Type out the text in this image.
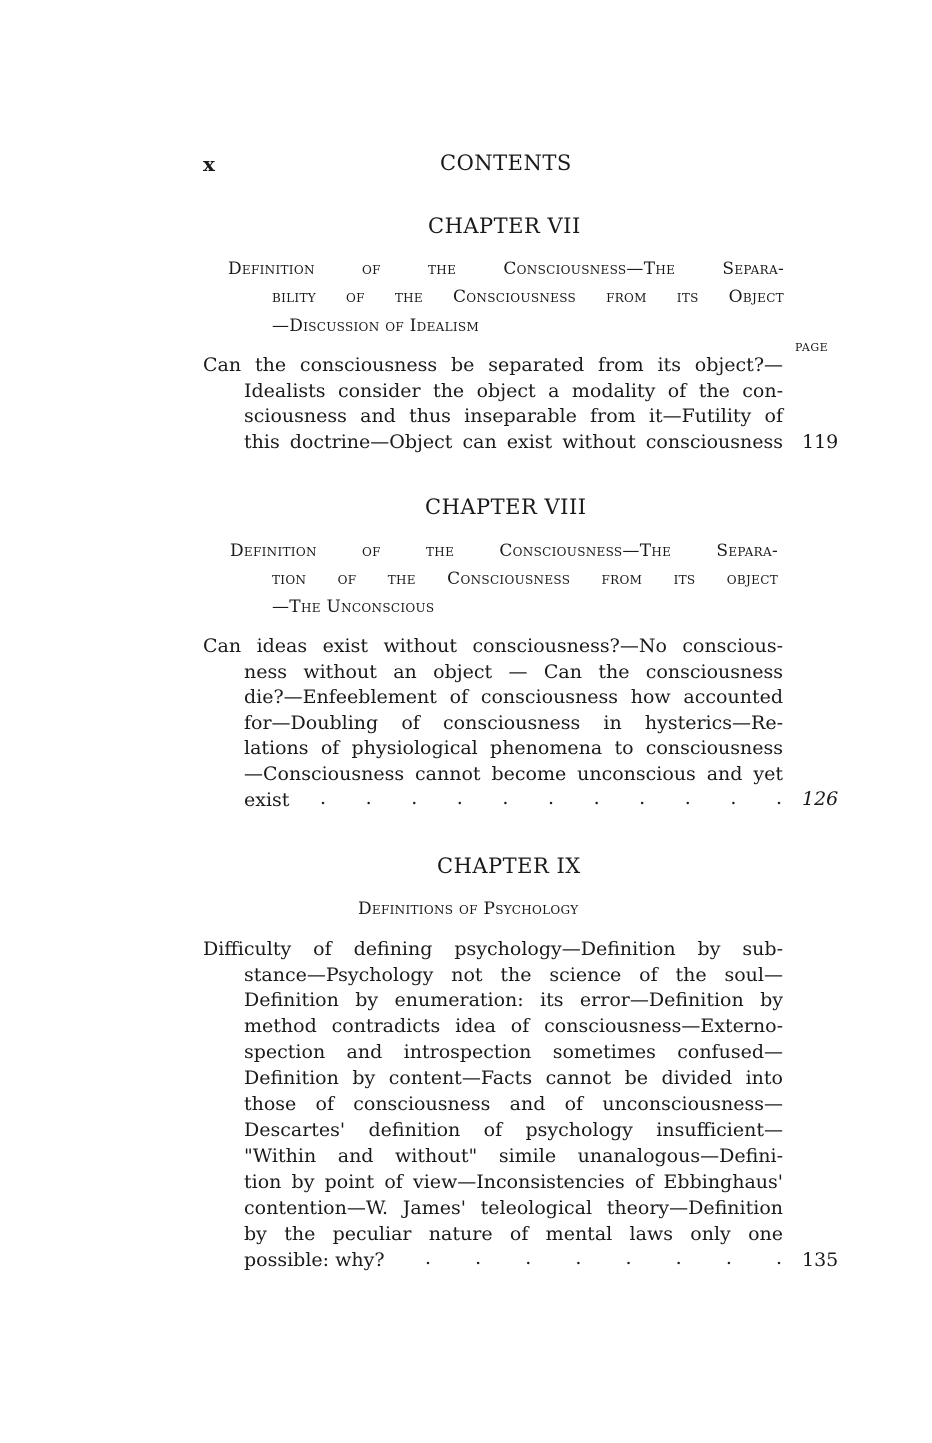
x	CONTENTS
CHAPTER VII
Definition of the Consciousness—The Separa-
bility of the Consciousness from its Object
—Discussion of Idealism
PAGE
Can the consciousness be separated from its object?—
Idealists consider the object a modality of the con-
sciousness and thus inseparable from it—Futility of
this doctrine—Object can exist without consciousness 119
CHAPTER VIII
Definition of the Consciousness—The Separa-
tion of the Consciousness from its object
—The Unconscious
Can ideas exist without consciousness?—No conscious-
ness without an object — Can the consciousness
die?—Enfeeblement of consciousness how accounted
for—Doubling of consciousness in hysterics—Re-
lations of physiological phenomena to consciousness
—Consciousness cannot become unconscious and yet
exist . . . . . . . . . . . 126
CHAPTER IX
Definitions of Psychology
Difficulty of defining psychology—Definition by sub-
stance—Psychology not the science of the soul—
Definition by enumeration: its error—Definition by
method contradicts idea of consciousness—Externo-
spection and introspection sometimes confused—
Definition by content—Facts cannot be divided into
those of consciousness and of unconsciousness—
Descartes' definition of psychology insufficient—
"Within and without" simile unanalogous—Defini-
tion by point of view—Inconsistencies of Ebbinghaus'
contention—W. James' teleological theory—Definition
by the peculiar nature of mental laws only one
possible: why? . . . . . . . . 135
